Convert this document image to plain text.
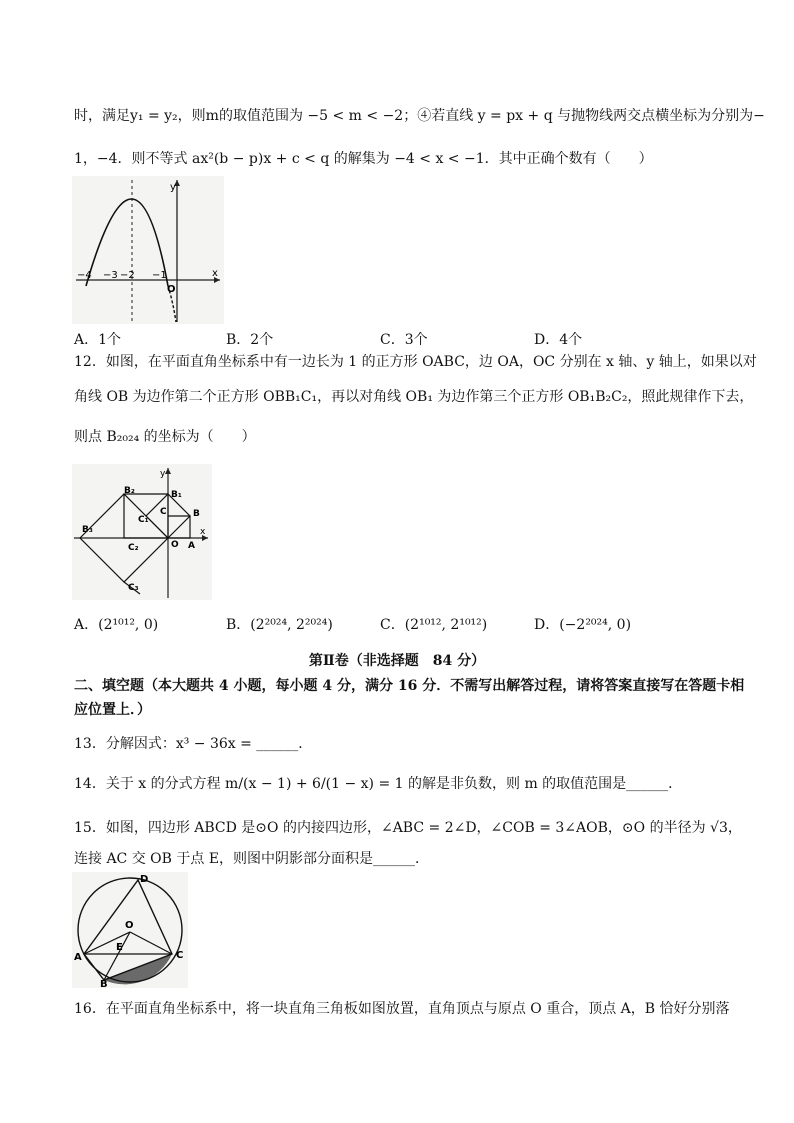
时，满足y₁ = y₂，则m的取值范围为 −5 < m < −2；④若直线 y = px + q 与抛物线两交点横坐标为分别为−
1，−4．则不等式 ax²(b − p)x + c < q 的解集为 −4 < x < −1．其中正确个数有（　　）
y
x
O
−4 −3 −2 −1
A．1个	B．2个	C．3个	D．4个
12．如图，在平面直角坐标系中有一边长为 1 的正方形 OABC，边 OA，OC 分别在 x 轴、y 轴上，如果以对
角线 OB 为边作第二个正方形 OBB₁C₁，再以对角线 OB₁ 为边作第三个正方形 OB₁B₂C₂，照此规律作下去，
则点 B₂₀₂₄ 的坐标为（　　）
y
x
B₂	B₁
B
B₃
C₁
C
C₂	O A
C₃
A．(2¹⁰¹², 0)	B．(2²⁰²⁴, 2²⁰²⁴)	C．(2¹⁰¹², 2¹⁰¹²)	D．(−2²⁰²⁴, 0)
第Ⅱ卷（非选择题　84 分）
二、填空题（本大题共 4 小题，每小题 4 分，满分 16 分．不需写出解答过程，请将答案直接写在答题卡相
应位置上．）
13．分解因式：x³ − 36x = ______．
14．关于 x 的分式方程 m/(x − 1) + 6/(1 − x) = 1 的解是非负数，则 m 的取值范围是______．
15．如图，四边形 ABCD 是⊙O 的内接四边形，∠ABC = 2∠D，∠COB = 3∠AOB，⊙O 的半径为 √3，
连接 AC 交 OB 于点 E，则图中阴影部分面积是______．
D
O
E
A	C
B
16．在平面直角坐标系中，将一块直角三角板如图放置，直角顶点与原点 O 重合，顶点 A，B 恰好分别落
